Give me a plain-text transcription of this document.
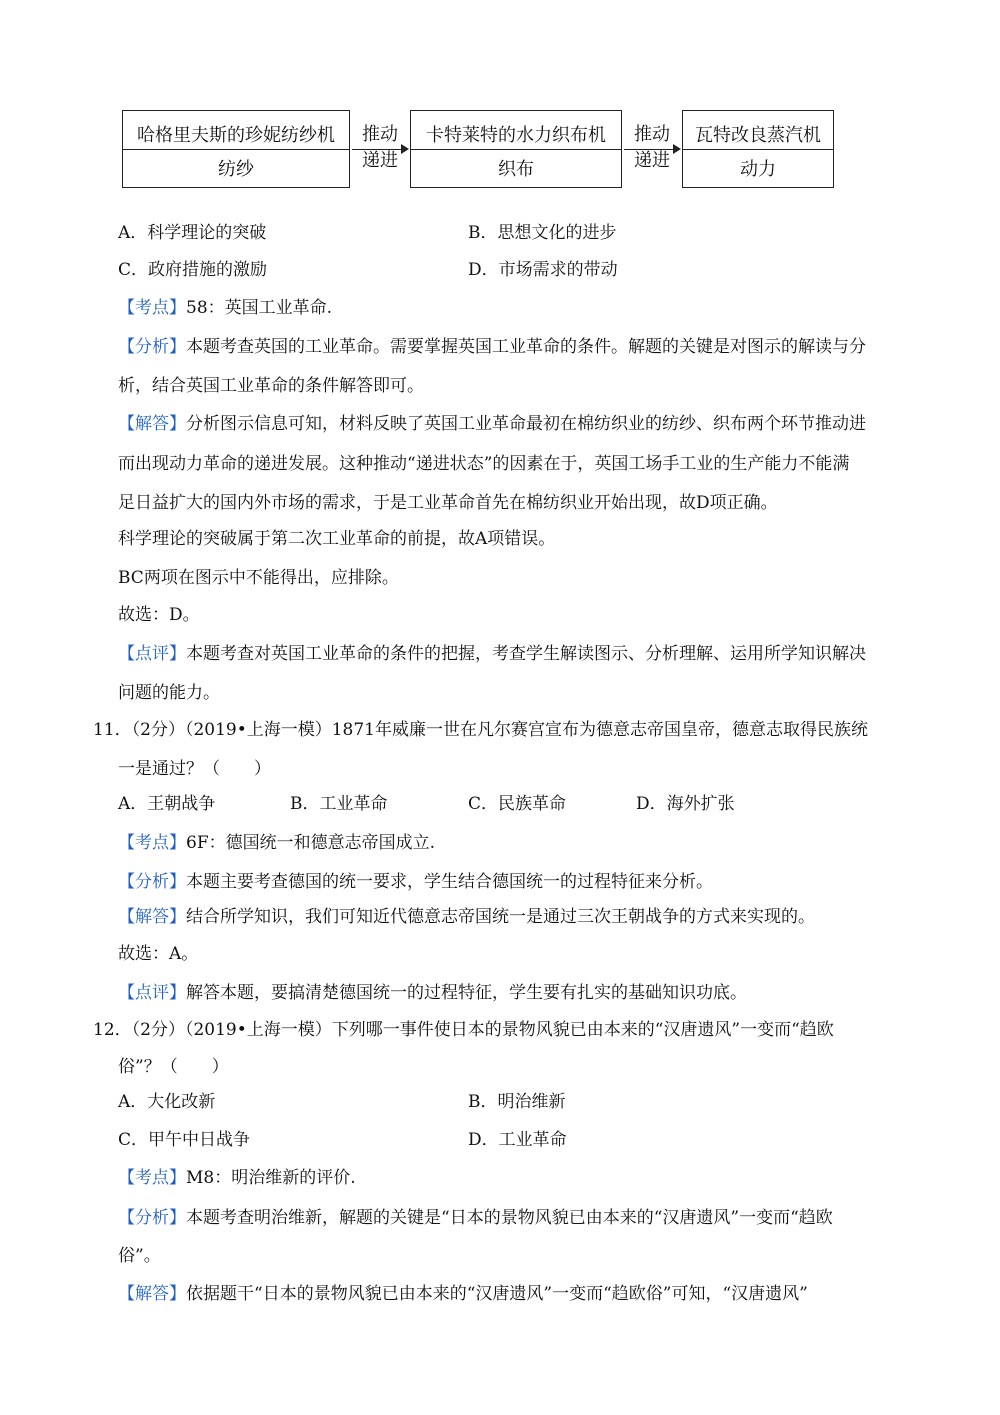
哈格里夫斯的珍妮纺纱机
纺纱
推动
递进
卡特莱特的水力织布机
织布
推动
递进
瓦特改良蒸汽机
动力
A．科学理论的突破	B．思想文化的进步
C．政府措施的激励	D．市场需求的带动
【考点】58：英国工业革命.
【分析】本题考查英国的工业革命。需要掌握英国工业革命的条件。解题的关键是对图示的解读与分
析，结合英国工业革命的条件解答即可。
【解答】分析图示信息可知，材料反映了英国工业革命最初在棉纺织业的纺纱、织布两个环节推动进
而出现动力革命的递进发展。这种推动“递进状态”的因素在于，英国工场手工业的生产能力不能满
足日益扩大的国内外市场的需求，于是工业革命首先在棉纺织业开始出现，故D项正确。
科学理论的突破属于第二次工业革命的前提，故A项错误。
BC两项在图示中不能得出，应排除。
故选：D。
【点评】本题考查对英国工业革命的条件的把握，考查学生解读图示、分析理解、运用所学知识解决
问题的能力。
11．（2分）（2019•上海一模）1871年威廉一世在凡尔赛宫宣布为德意志帝国皇帝，德意志取得民族统
一是通过？（　　）
A．王朝战争	B．工业革命	C．民族革命	D．海外扩张
【考点】6F：德国统一和德意志帝国成立.
【分析】本题主要考查德国的统一要求，学生结合德国统一的过程特征来分析。
【解答】结合所学知识，我们可知近代德意志帝国统一是通过三次王朝战争的方式来实现的。
故选：A。
【点评】解答本题，要搞清楚德国统一的过程特征，学生要有扎实的基础知识功底。
12．（2分）（2019•上海一模）下列哪一事件使日本的景物风貌已由本来的“汉唐遗风”一变而“趋欧
俗”？（　　）
A．大化改新	B．明治维新
C．甲午中日战争	D．工业革命
【考点】M8：明治维新的评价.
【分析】本题考查明治维新，解题的关键是“日本的景物风貌已由本来的“汉唐遗风”一变而“趋欧
俗”。
【解答】依据题干“日本的景物风貌已由本来的“汉唐遗风”一变而“趋欧俗”可知，“汉唐遗风”
